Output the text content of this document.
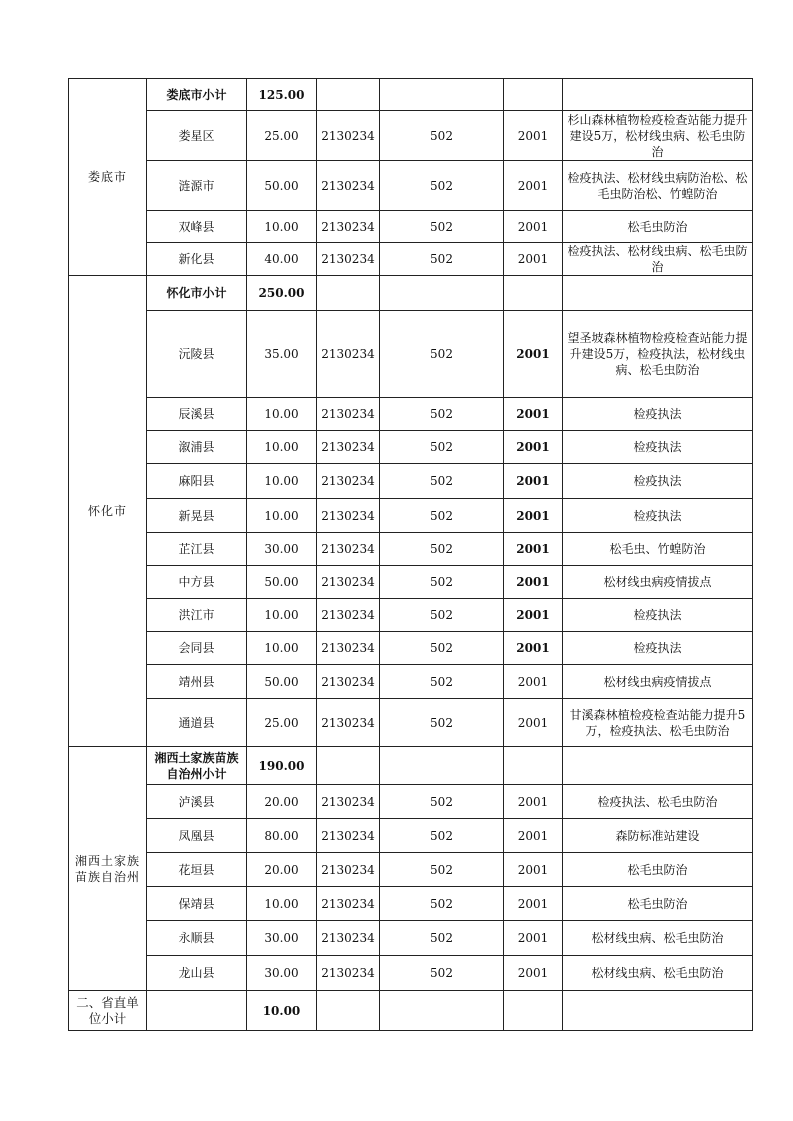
娄底市	娄底市小计	125.00				
	娄星区	25.00	2130234	502	2001	杉山森林植物检疫检查站能力提升建设5万，松材线虫病、松毛虫防治
	涟源市	50.00	2130234	502	2001	检疫执法、松材线虫病防治松、松毛虫防治松、竹蝗防治
	双峰县	10.00	2130234	502	2001	松毛虫防治
	新化县	40.00	2130234	502	2001	检疫执法、松材线虫病、松毛虫防治
怀化市	怀化市小计	250.00				
	沅陵县	35.00	2130234	502	2001	望圣坡森林植物检疫检查站能力提升建设5万，检疫执法，松材线虫病、松毛虫防治
	辰溪县	10.00	2130234	502	2001	检疫执法
	溆浦县	10.00	2130234	502	2001	检疫执法
	麻阳县	10.00	2130234	502	2001	检疫执法
	新晃县	10.00	2130234	502	2001	检疫执法
	芷江县	30.00	2130234	502	2001	松毛虫、竹蝗防治
	中方县	50.00	2130234	502	2001	松材线虫病疫情拔点
	洪江市	10.00	2130234	502	2001	检疫执法
	会同县	10.00	2130234	502	2001	检疫执法
	靖州县	50.00	2130234	502	2001	松材线虫病疫情拔点
	通道县	25.00	2130234	502	2001	甘溪森林植检疫检查站能力提升5万，检疫执法、松毛虫防治
湘西土家族苗族自治州	湘西土家族苗族自治州小计	190.00				
	泸溪县	20.00	2130234	502	2001	检疫执法、松毛虫防治
	凤凰县	80.00	2130234	502	2001	森防标准站建设
	花垣县	20.00	2130234	502	2001	松毛虫防治
	保靖县	10.00	2130234	502	2001	松毛虫防治
	永顺县	30.00	2130234	502	2001	松材线虫病、松毛虫防治
	龙山县	30.00	2130234	502	2001	松材线虫病、松毛虫防治
二、省直单位小计		10.00				
